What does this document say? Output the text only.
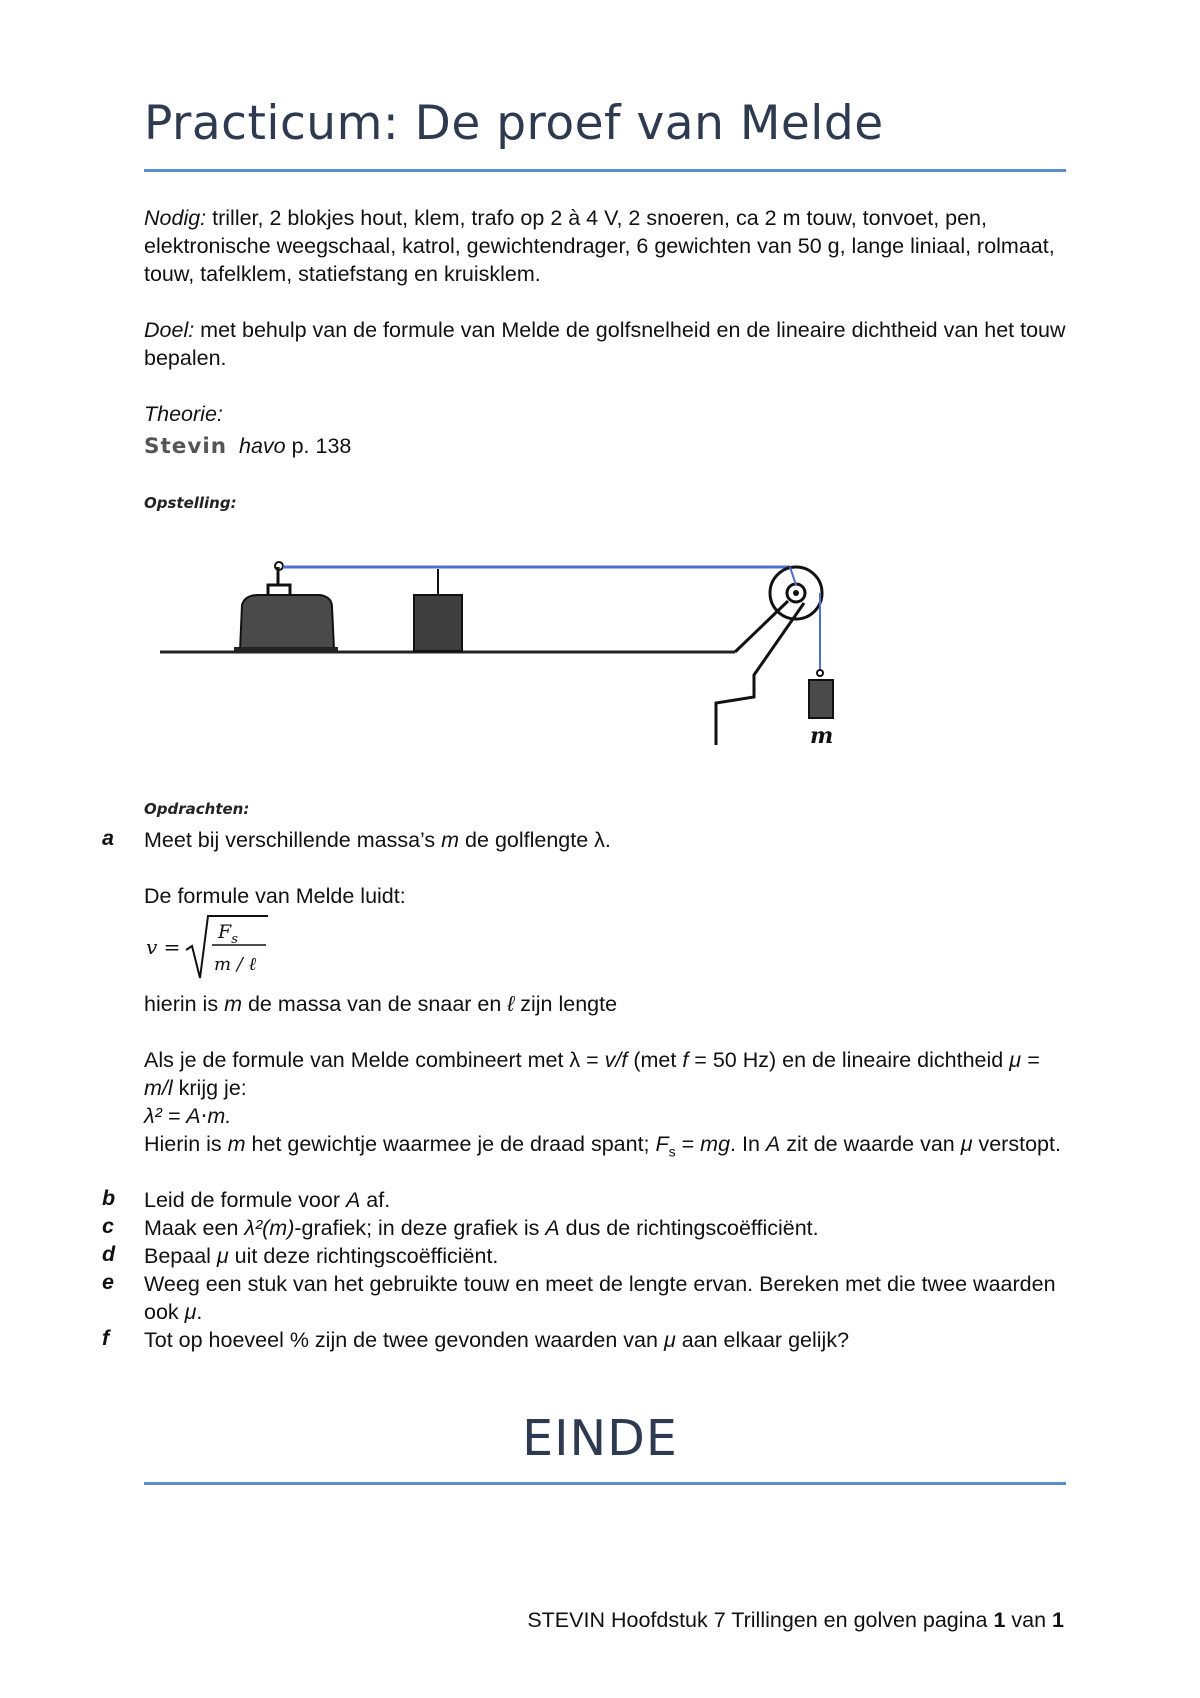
Practicum: De proef van Melde
Nodig: triller, 2 blokjes hout, klem, trafo op 2 à 4 V, 2 snoeren, ca 2 m touw, tonvoet, pen, elektronische weegschaal, katrol, gewichtendrager, 6 gewichten van 50 g, lange liniaal, rolmaat, touw, tafelklem, statiefstang en kruisklem.
Doel: met behulp van de formule van Melde de golfsnelheid en de lineaire dichtheid van het touw bepalen.
Theorie:
Stevin havo p. 138
Opstelling:
m
Opdrachten:
a Meet bij verschillende massa’s m de golflengte λ.
De formule van Melde luidt:
v =
$F_s$
m / ℓ
hierin is m de massa van de snaar en ℓ zijn lengte
Als je de formule van Melde combineert met λ = v/f (met f = 50 Hz) en de lineaire dichtheid μ = m/l krijg je:
λ² = A⋅m.
Hierin is m het gewichtje waarmee je de draad spant; $F_s$ = mg. In A zit de waarde van μ verstopt.
b Leid de formule voor A af.
c Maak een λ²(m)-grafiek; in deze grafiek is A dus de richtingscoëfficiënt.
d Bepaal μ uit deze richtingscoëfficiënt.
e Weeg een stuk van het gebruikte touw en meet de lengte ervan. Bereken met die twee waarden ook μ.
f Tot op hoeveel % zijn de twee gevonden waarden van μ aan elkaar gelijk?
EINDE
STEVIN Hoofdstuk 7 Trillingen en golven pagina 1 van 1
